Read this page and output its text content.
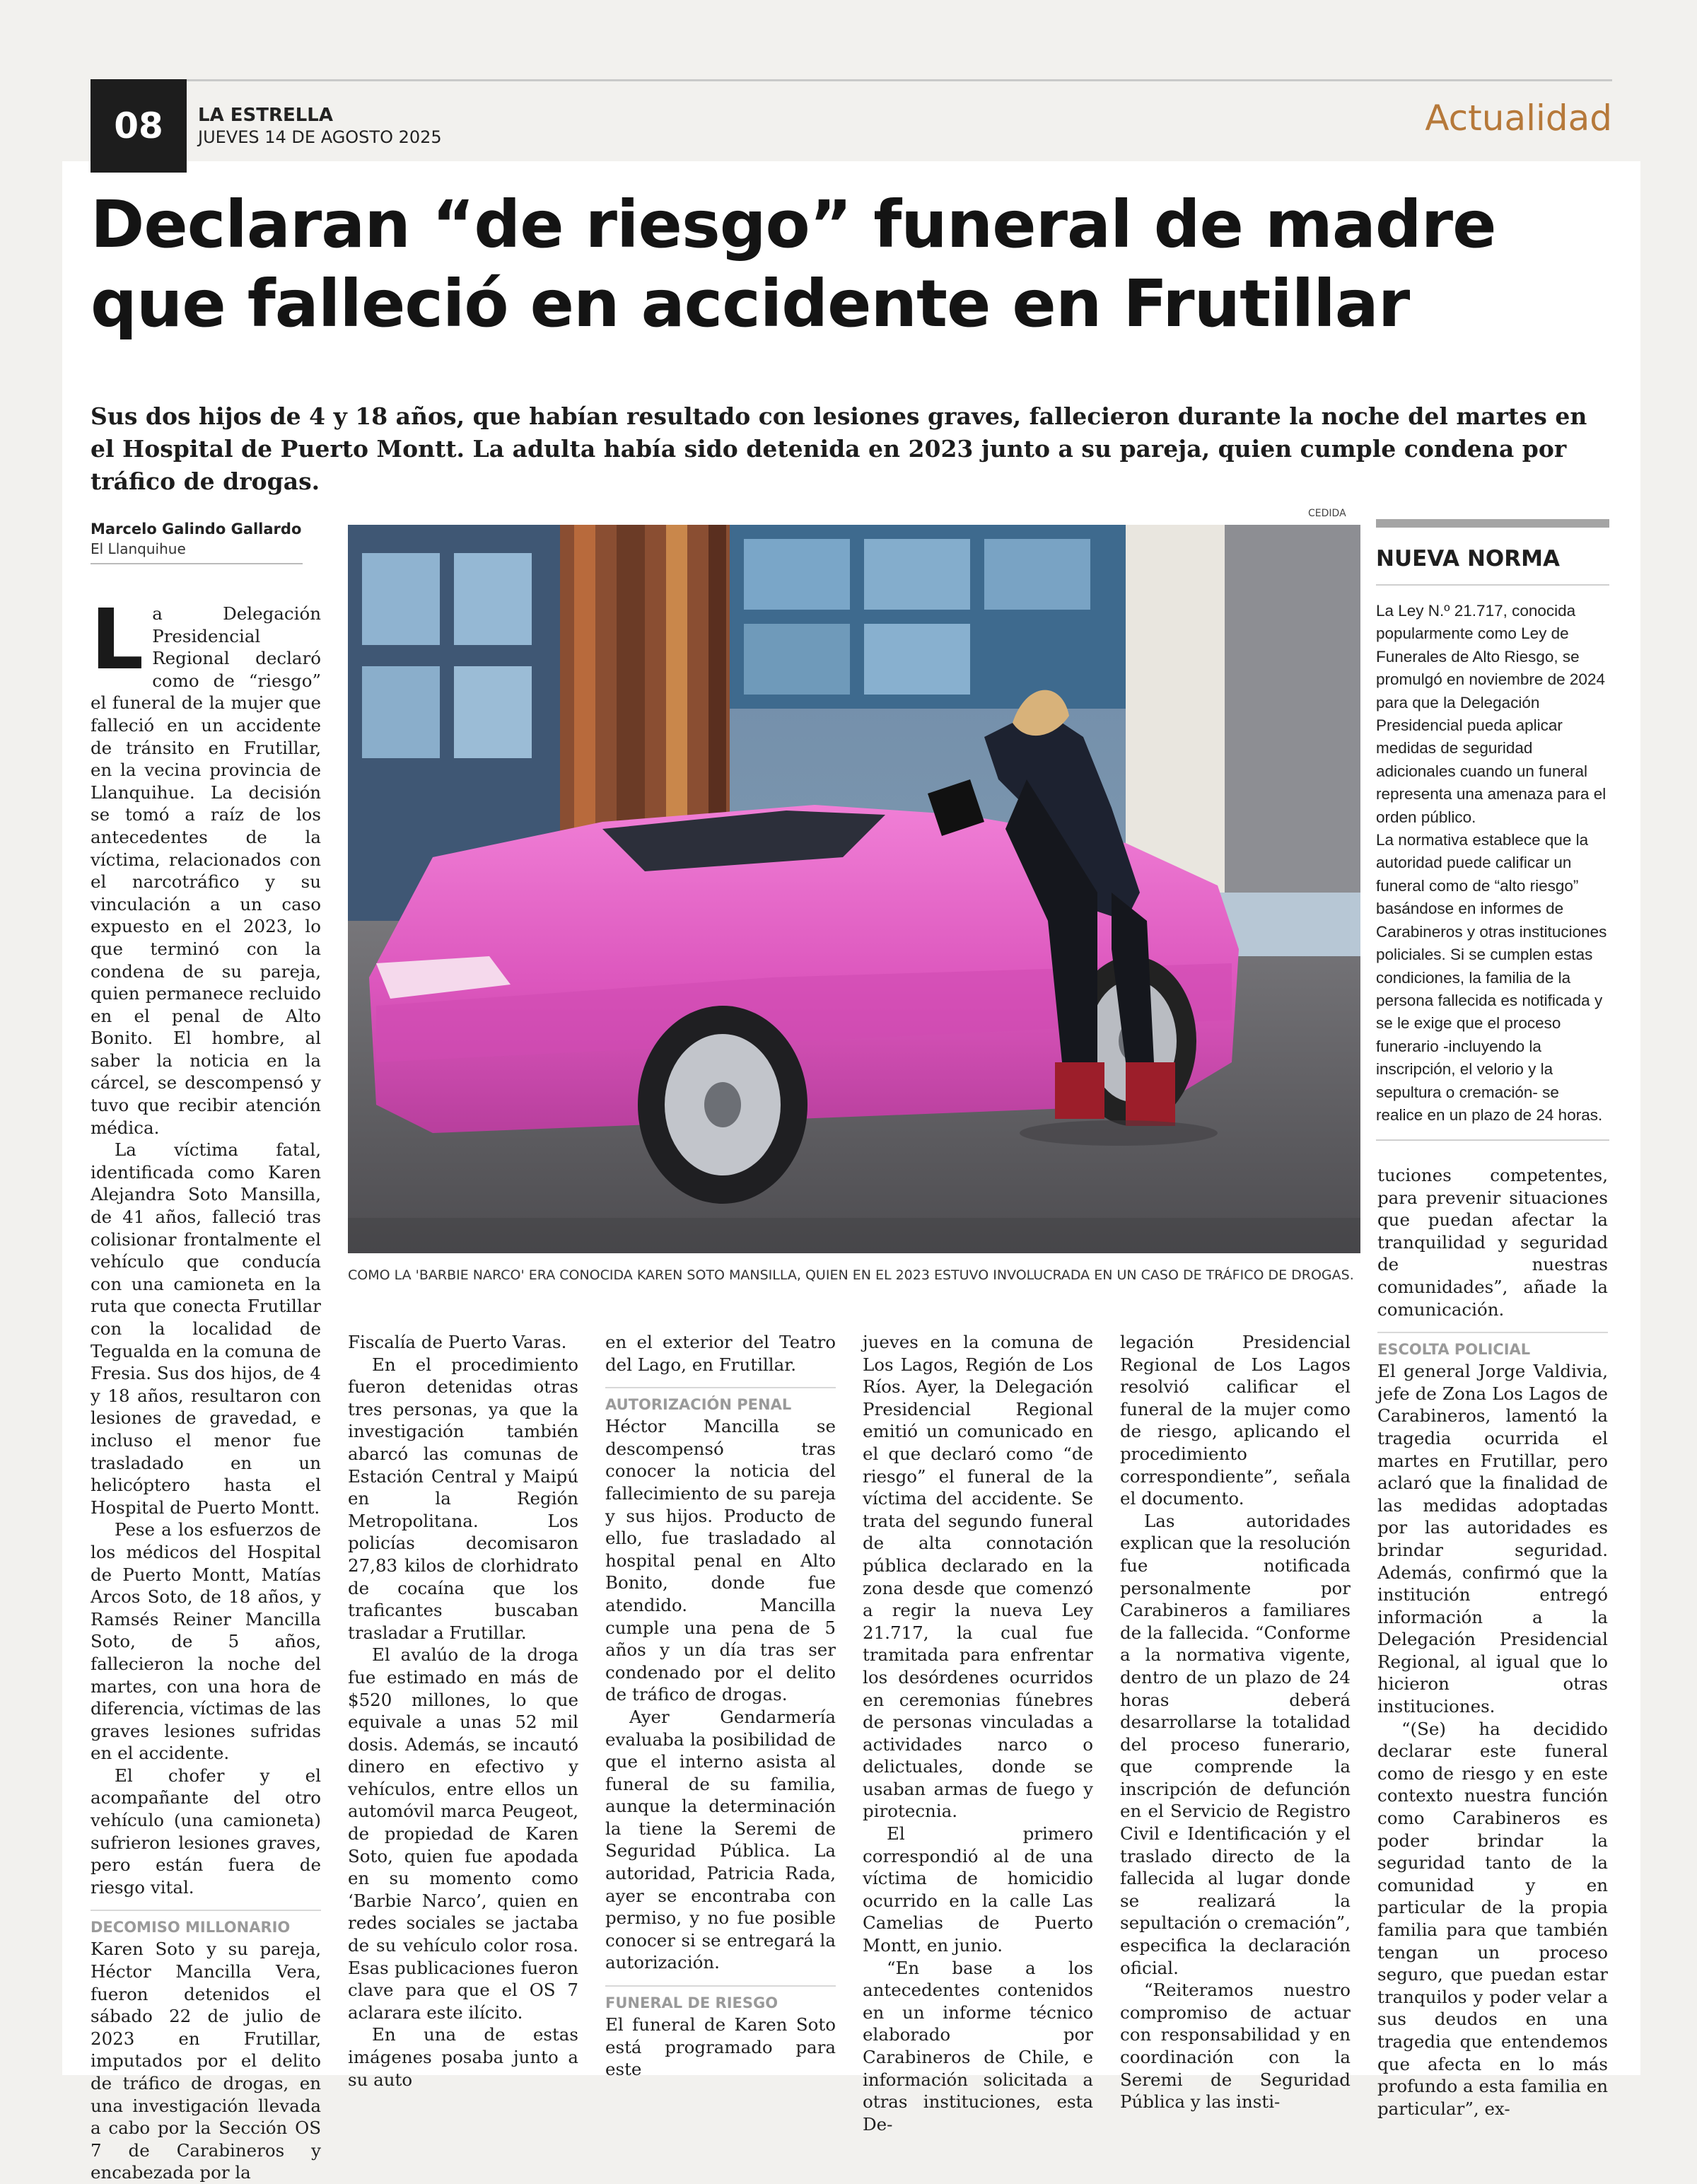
08	LA ESTRELLA
JUEVES 14 DE AGOSTO 2025	Actualidad
Declaran “de riesgo” funeral de madre
que falleció en accidente en Frutillar
Sus dos hijos de 4 y 18 años, que habían resultado con lesiones graves, fallecieron durante la noche del martes en el Hospital de Puerto Montt. La adulta había sido detenida en 2023 junto a su pareja, quien cumple condena por tráfico de drogas.
Marcelo Galindo Gallardo
El Llanquihue
CEDIDA
COMO LA 'BARBIE NARCO' ERA CONOCIDA KAREN SOTO MANSILLA, QUIEN EN EL 2023 ESTUVO INVOLUCRADA EN UN CASO DE TRÁFICO DE DROGAS.

La Delegación Presidencial Regional declaró como de “riesgo” el funeral de la mujer que falleció en un accidente de tránsito en Frutillar, en la vecina provincia de Llanquihue. La decisión se tomó a raíz de los antecedentes de la víctima, relacionados con el narcotráfico y su vinculación a un caso expuesto en el 2023, lo que terminó con la condena de su pareja, quien permanece recluido en el penal de Alto Bonito. El hombre, al saber la noticia en la cárcel, se descompensó y tuvo que recibir atención médica.

La víctima fatal, identificada como Karen Alejandra Soto Mansilla, de 41 años, falleció tras colisionar frontalmente el vehículo que conducía con una camioneta en la ruta que conecta Frutillar con la localidad de Tegualda en la comuna de Fresia. Sus dos hijos, de 4 y 18 años, resultaron con lesiones de gravedad, e incluso el menor fue trasladado en un helicóptero hasta el Hospital de Puerto Montt.

Pese a los esfuerzos de los médicos del Hospital de Puerto Montt, Matías Arcos Soto, de 18 años, y Ramsés Reiner Mancilla Soto, de 5 años, fallecieron la noche del martes, con una hora de diferencia, víctimas de las graves lesiones sufridas en el accidente.

El chofer y el acompañante del otro vehículo (una camioneta) sufrieron lesiones graves, pero están fuera de riesgo vital.

DECOMISO MILLONARIO

Karen Soto y su pareja, Héctor Mancilla Vera, fueron detenidos el sábado 22 de julio de 2023 en Frutillar, imputados por el delito de tráfico de drogas, en una investigación llevada a cabo por la Sección OS 7 de Carabineros y encabezada por la

Fiscalía de Puerto Varas.

En el procedimiento fueron detenidas otras tres personas, ya que la investigación también abarcó las comunas de Estación Central y Maipú en la Región Metropolitana. Los policías decomisaron 27,83 kilos de clorhidrato de cocaína que los traficantes buscaban trasladar a Frutillar.

El avalúo de la droga fue estimado en más de $520 millones, lo que equivale a unas 52 mil dosis. Además, se incautó dinero en efectivo y vehículos, entre ellos un automóvil marca Peugeot, de propiedad de Karen Soto, quien fue apodada en su momento como ‘Barbie Narco’, quien en redes sociales se jactaba de su vehículo color rosa. Esas publicaciones fueron clave para que el OS 7 aclarara este ilícito.

En una de estas imágenes posaba junto a su auto

en el exterior del Teatro del Lago, en Frutillar.

AUTORIZACIÓN PENAL

Héctor Mancilla se descompensó tras conocer la noticia del fallecimiento de su pareja y sus hijos. Producto de ello, fue trasladado al hospital penal en Alto Bonito, donde fue atendido. Mancilla cumple una pena de 5 años y un día tras ser condenado por el delito de tráfico de drogas.

Ayer Gendarmería evaluaba la posibilidad de que el interno asista al funeral de su familia, aunque la determinación la tiene la Seremi de Seguridad Pública. La autoridad, Patricia Rada, ayer se encontraba con permiso, y no fue posible conocer si se entregará la autorización.

FUNERAL DE RIESGO

El funeral de Karen Soto está programado para este

jueves en la comuna de Los Lagos, Región de Los Ríos. Ayer, la Delegación Presidencial Regional emitió un comunicado en el que declaró como “de riesgo” el funeral de la víctima del accidente. Se trata del segundo funeral de alta connotación pública declarado en la zona desde que comenzó a regir la nueva Ley 21.717, la cual fue tramitada para enfrentar los desórdenes ocurridos en ceremonias fúnebres de personas vinculadas a actividades narco o delictuales, donde se usaban armas de fuego y pirotecnia.

El primero correspondió al de una víctima de homicidio ocurrido en la calle Las Camelias de Puerto Montt, en junio.

“En base a los antecedentes contenidos en un informe técnico elaborado por Carabineros de Chile, e información solicitada a otras instituciones, esta De-

legación Presidencial Regional de Los Lagos resolvió calificar el funeral de la mujer como de riesgo, aplicando el procedimiento correspondiente”, señala el documento.

Las autoridades explican que la resolución fue notificada personalmente por Carabineros a familiares de la fallecida. “Conforme a la normativa vigente, dentro de un plazo de 24 horas deberá desarrollarse la totalidad del proceso funerario, que comprende la inscripción de defunción en el Servicio de Registro Civil e Identificación y el traslado directo de la fallecida al lugar donde se realizará la sepultación o cremación”, especifica la declaración oficial.

“Reiteramos nuestro compromiso de actuar con responsabilidad y en coordinación con la Seremi de Seguridad Pública y las insti-

tuciones competentes, para prevenir situaciones que puedan afectar la tranquilidad y seguridad de nuestras comunidades”, añade la comunicación.

ESCOLTA POLICIAL

El general Jorge Valdivia, jefe de Zona Los Lagos de Carabineros, lamentó la tragedia ocurrida el martes en Frutillar, pero aclaró que la finalidad de las medidas adoptadas por las autoridades es brindar seguridad. Además, confirmó que la institución entregó información a la Delegación Presidencial Regional, al igual que lo hicieron otras instituciones.

“(Se) ha decidido declarar este funeral como de riesgo y en este contexto nuestra función como Carabineros es poder brindar la seguridad tanto de la comunidad y en particular de la propia familia para que también tengan un proceso seguro, que puedan estar tranquilos y poder velar a sus deudos en una tragedia que entendemos que afecta en lo más profundo a esta familia en particular”, ex-

NUEVA NORMA

La Ley N.º 21.717, conocida popularmente como Ley de Funerales de Alto Riesgo, se promulgó en noviembre de 2024 para que la Delegación Presidencial pueda aplicar medidas de seguridad adicionales cuando un funeral representa una amenaza para el orden público.

La normativa establece que la autoridad puede calificar un funeral como de “alto riesgo” basándose en informes de Carabineros y otras instituciones policiales. Si se cumplen estas condiciones, la familia de la persona fallecida es notificada y se le exige que el proceso funerario -incluyendo la inscripción, el velorio y la sepultura o cremación- se realice en un plazo de 24 horas.
